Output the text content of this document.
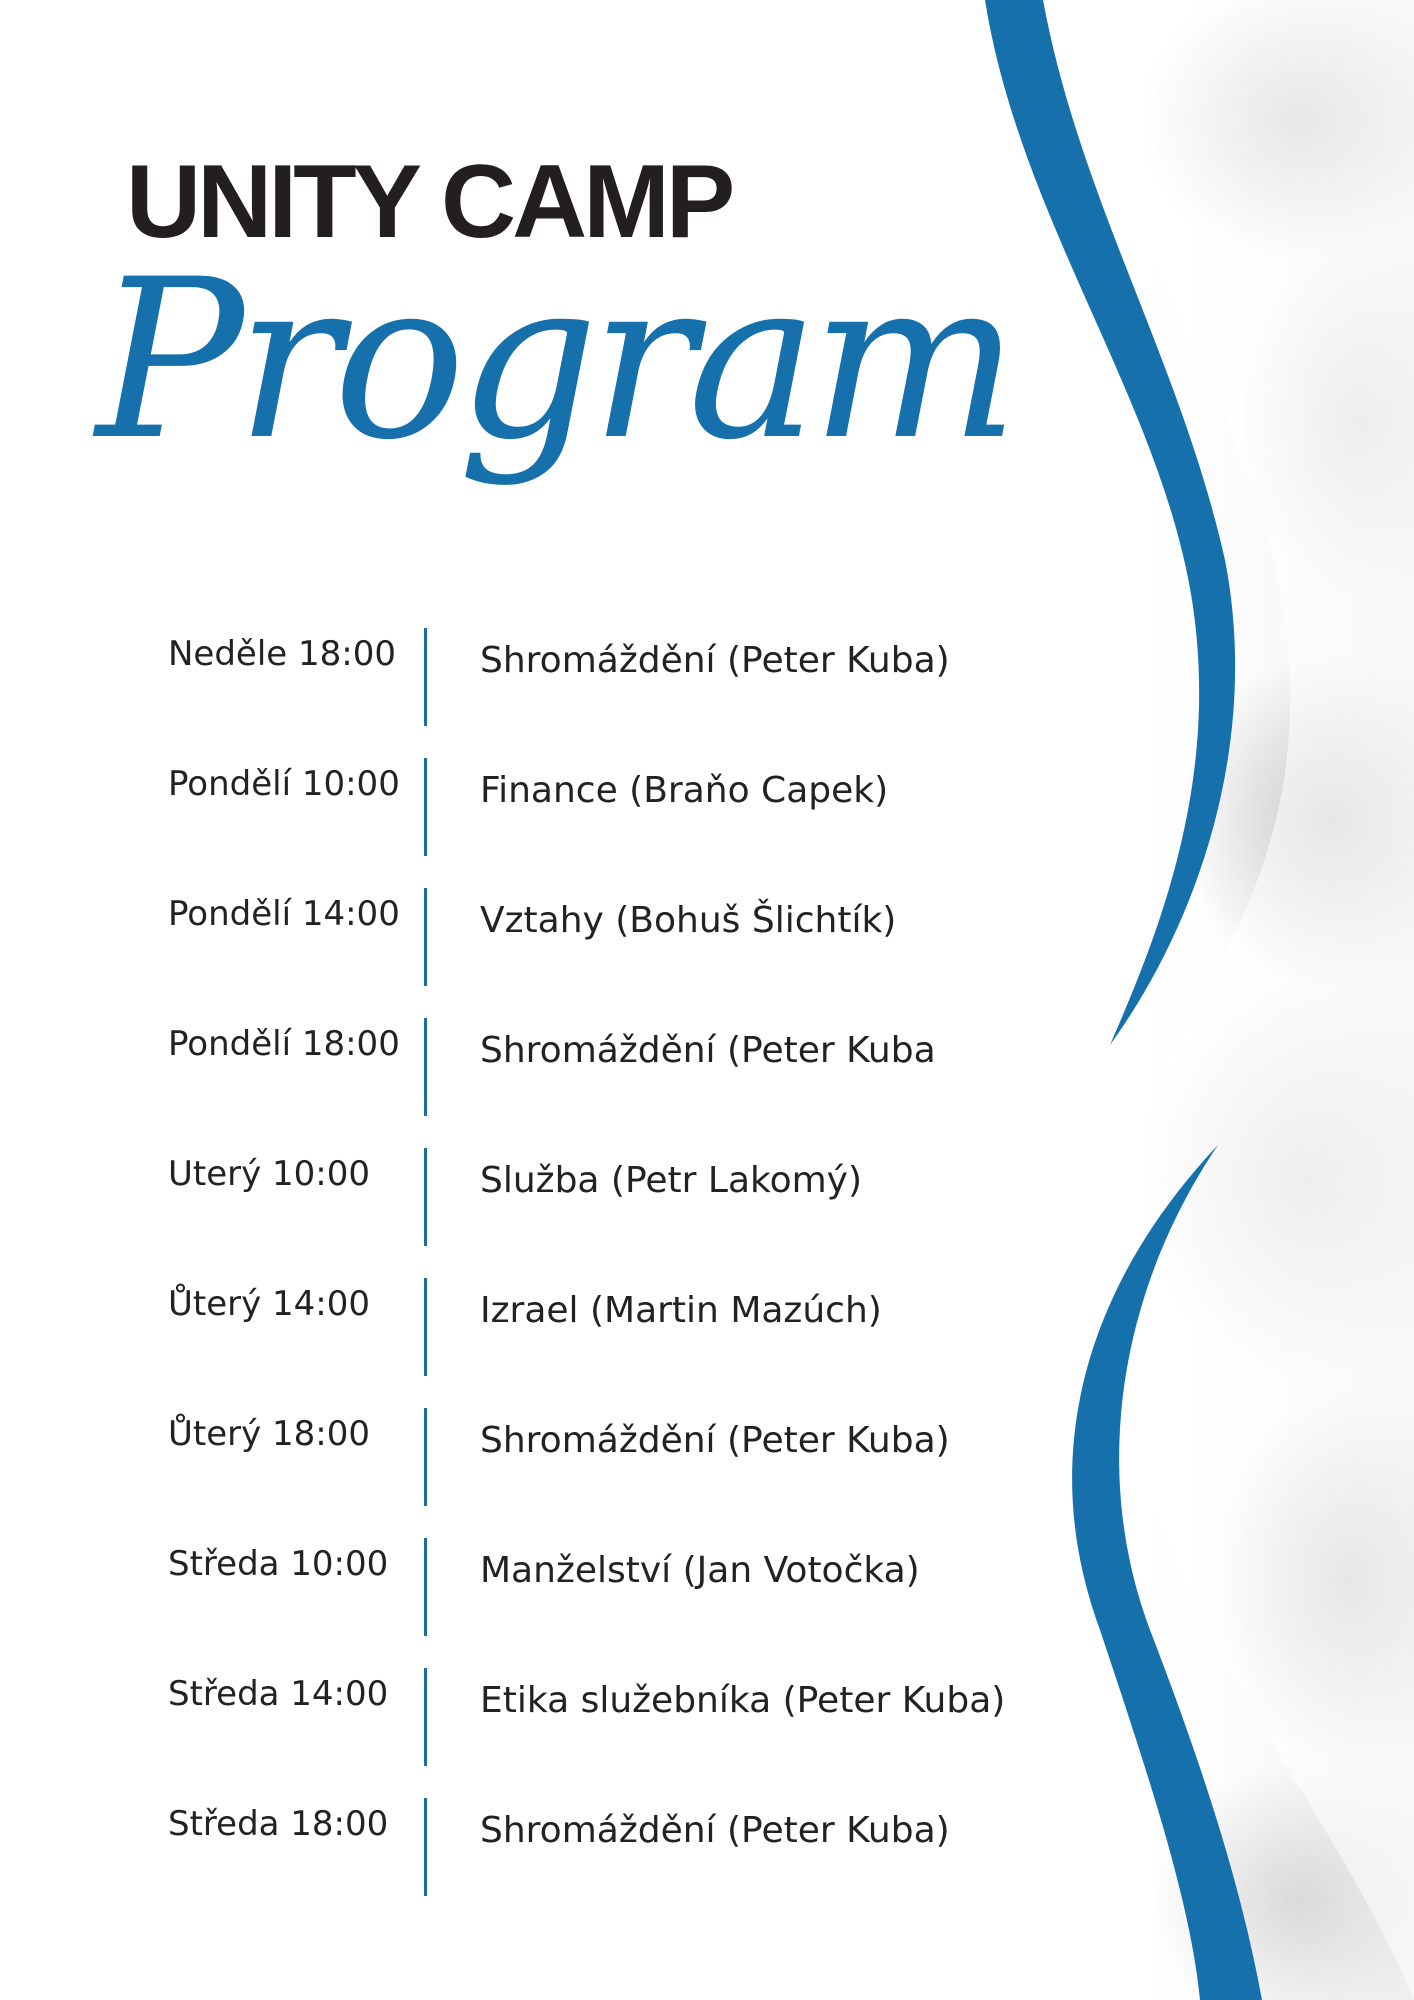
UNITY CAMP
Program
Neděle 18:00 Shromáždění (Peter Kuba)
Pondělí 10:00 Finance (Braňo Capek)
Pondělí 14:00 Vztahy (Bohuš Šlichtík)
Pondělí 18:00 Shromáždění (Peter Kuba
Uterý 10:00	Služba (Petr Lakomý)
Ůterý 14:00	Izrael (Martin Mazúch)
Ůterý 18:00	Shromáždění (Peter Kuba)
Středa 10:00	Manželství (Jan Votočka)
Středa 14:00	Etika služebníka (Peter Kuba)
Středa 18:00	Shromáždění (Peter Kuba)
